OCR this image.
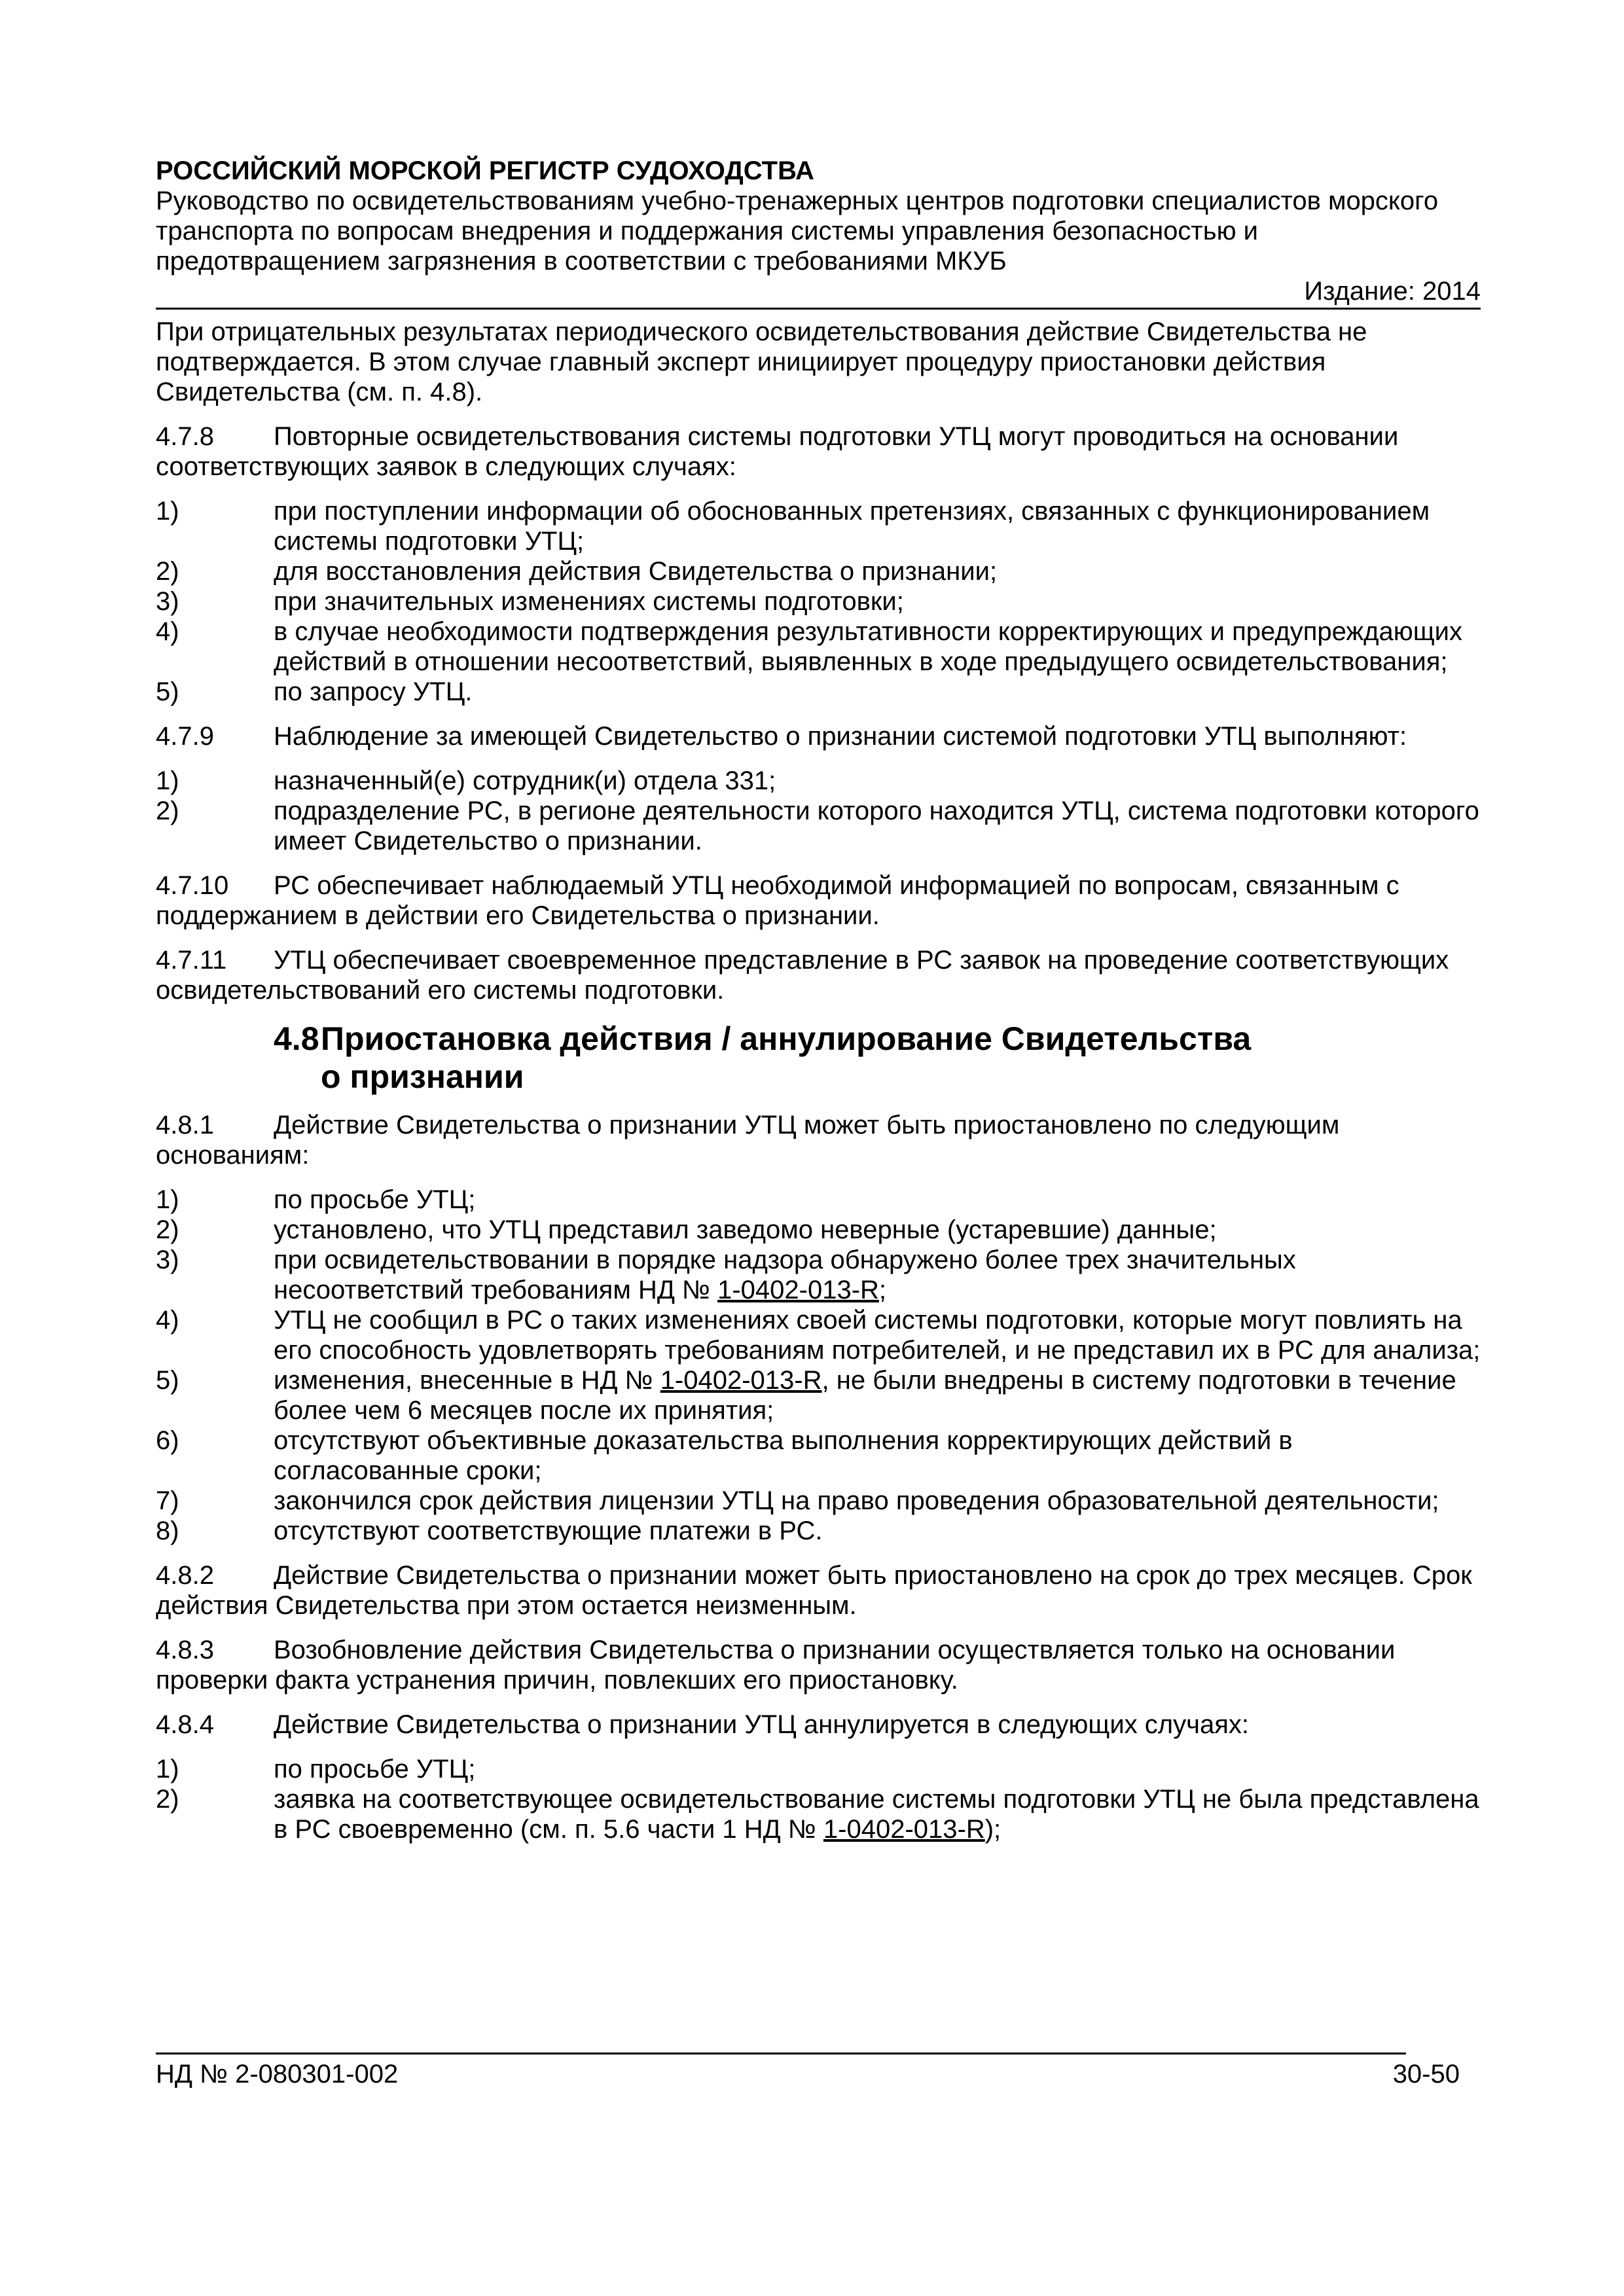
РОССИЙСКИЙ МОРСКОЙ РЕГИСТР СУДОХОДСТВА
Руководство по освидетельствованиям учебно-тренажерных центров подготовки специалистов морского транспорта по вопросам внедрения и поддержания системы управления безопасностью и предотвращением загрязнения в соответствии с требованиями МКУБ
Издание: 2014

При отрицательных результатах периодического освидетельствования действие Свидетельства не подтверждается. В этом случае главный эксперт инициирует процедуру приостановки действия Свидетельства (см. п. 4.8).

4.7.8 Повторные освидетельствования системы подготовки УТЦ могут проводиться на основании соответствующих заявок в следующих случаях:

1)	при поступлении информации об обоснованных претензиях, связанных с функционированием системы подготовки УТЦ;
2)	для восстановления действия Свидетельства о признании;
3)	при значительных изменениях системы подготовки;
4)	в случае необходимости подтверждения результативности корректирующих и предупреждающих действий в отношении несоответствий, выявленных в ходе предыдущего освидетельствования;
5)	по запросу УТЦ.

4.7.9 Наблюдение за имеющей Свидетельство о признании системой подготовки УТЦ выполняют:

1)	назначенный(е) сотрудник(и) отдела 331;
2)	подразделение РС, в регионе деятельности которого находится УТЦ, система подготовки которого имеет Свидетельство о признании.

4.7.10 РС обеспечивает наблюдаемый УТЦ необходимой информацией по вопросам, связанным с поддержанием в действии его Свидетельства о признании.

4.7.11 УТЦ обеспечивает своевременное представление в РС заявок на проведение соответствующих освидетельствований его системы подготовки.

4.8Приостановка действия / аннулирование Свидетельства
о признании

4.8.1 Действие Свидетельства о признании УТЦ может быть приостановлено по следующим основаниям:

1)	по просьбе УТЦ;
2)	установлено, что УТЦ представил заведомо неверные (устаревшие) данные;
3)	при освидетельствовании в порядке надзора обнаружено более трех значительных несоответствий требованиям НД № 1-0402-013-R;
4)	УТЦ не сообщил в РС о таких изменениях своей системы подготовки, которые могут повлиять на его способность удовлетворять требованиям потребителей, и не представил их в РС для анализа;
5)	изменения, внесенные в НД № 1-0402-013-R, не были внедрены в систему подготовки в течение более чем 6 месяцев после их принятия;
6)	отсутствуют объективные доказательства выполнения корректирующих действий в согласованные сроки;
7)	закончился срок действия лицензии УТЦ на право проведения образовательной деятельности;
8)	отсутствуют соответствующие платежи в РС.

4.8.2 Действие Свидетельства о признании может быть приостановлено на срок до трех месяцев. Срок действия Свидетельства при этом остается неизменным.

4.8.3 Возобновление действия Свидетельства о признании осуществляется только на основании проверки факта устранения причин, повлекших его приостановку.

4.8.4 Действие Свидетельства о признании УТЦ аннулируется в следующих случаях:

1)	по просьбе УТЦ;
2)	заявка на соответствующее освидетельствование системы подготовки УТЦ не была представлена в РС своевременно (см. п. 5.6 части 1 НД № 1-0402-013-R);
НД № 2-080301-002	30-50
